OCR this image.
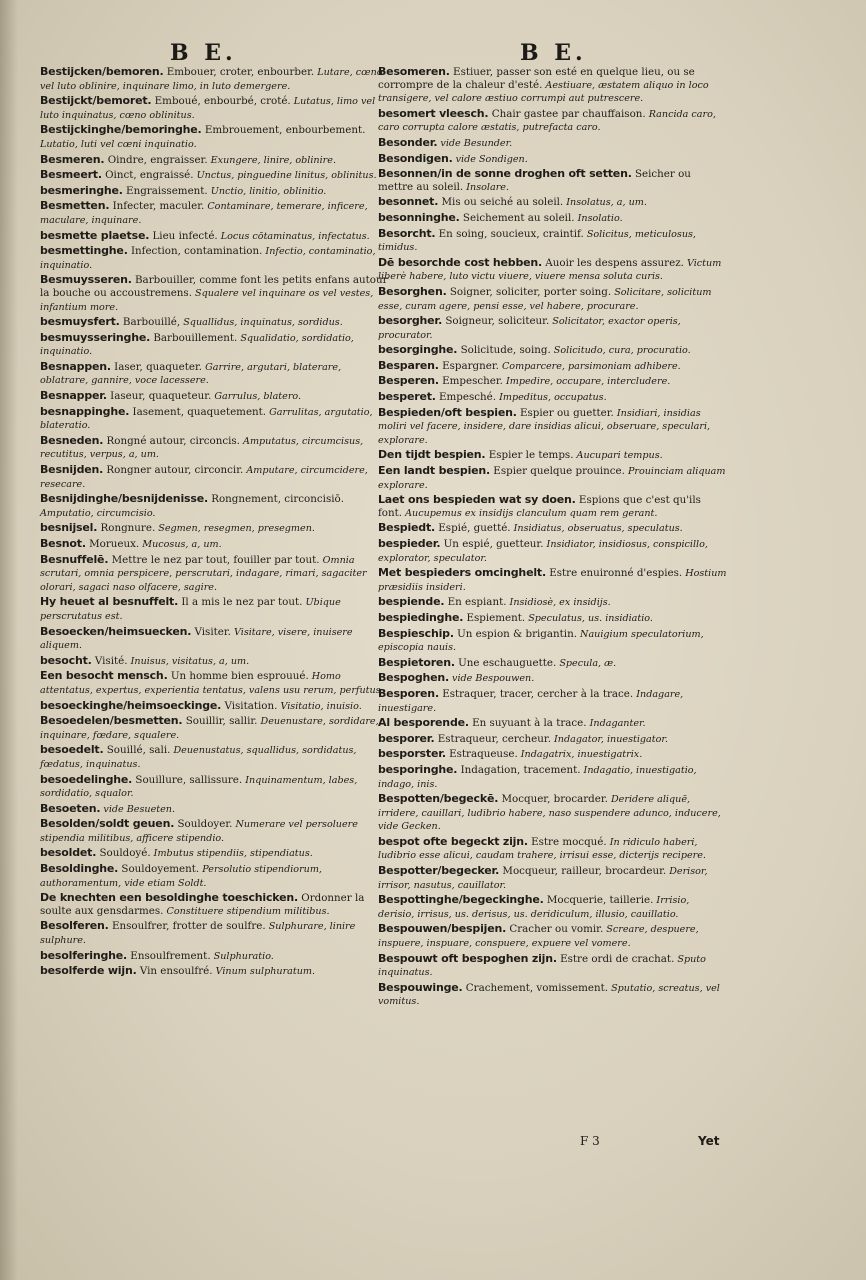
B E.	B E.
Bestijcken/bemoren. Embouer, croter, enbourber. Lutare, cœno vel luto oblinire, inquinare limo, in luto demergere.
Bestijckt/bemoret. Emboué, enbourbé, croté. Lutatus, limo vel luto inquinatus, cœno oblinitus.
Bestijckinghe/bemoringhe. Embrouement, enbourbement. Lutatio, luti vel cœni inquinatio.
Besmeren. Oindre, engraisser. Exungere, linire, oblinire.
Besmeert. Oinct, engraissé. Unctus, pinguedine linitus, oblinitus.
besmeringhe. Engraissement. Unctio, linitio, oblinitio.
Besmetten. Infecter, maculer. Contaminare, temerare, inficere, maculare, inquinare.
besmette plaetse. Lieu infecté. Locus cōtaminatus, infectatus.
besmettinghe. Infection, contamination. Infectio, contaminatio, inquinatio.
Besmuysseren. Barbouiller, comme font les petits enfans autour la bouche ou accoustremens. Squalere vel inquinare os vel vestes, infantium more.
besmuysfert. Barbouillé, Squallidus, inquinatus, sordidus.
besmuysseringhe. Barbouillement. Squalidatio, sordidatio, inquinatio.
Besnappen. Iaser, quaqueter. Garrire, argutari, blaterare, oblatrare, gannire, voce lacessere.
Besnapper. Iaseur, quaqueteur. Garrulus, blatero.
besnappinghe. Iasement, quaquetement. Garrulitas, argutatio, blateratio.
Besneden. Rongné autour, circoncis. Amputatus, circumcisus, recutitus, verpus, a, um.
Besnijden. Rongner autour, circoncir. Amputare, circumcidere, resecare.
Besnijdinghe/besnijdenisse. Rongnement, circoncisiō. Amputatio, circumcisio.
besnijsel. Rongnure. Segmen, resegmen, presegmen.
Besnot. Morueux. Mucosus, a, um.
Besnuffelē. Mettre le nez par tout, fouiller par tout. Omnia scrutari, omnia perspicere, perscrutari, indagare, rimari, sagaciter olorari, sagaci naso olfacere, sagire.
Hy heuet al besnuffelt. Il a mis le nez par tout. Ubique perscrutatus est.
Besoecken/heimsuecken. Visiter. Visitare, visere, inuisere aliquem.
besocht. Visité. Inuisus, visitatus, a, um.
Een besocht mensch. Un homme bien esprouué. Homo attentatus, expertus, experientia tentatus, valens usu rerum, perfutus.
besoeckinghe/heimsoeckinge. Visitation. Visitatio, inuisio.
Besoedelen/besmetten. Souillir, sallir. Deuenustare, sordidare, inquinare, fœdare, squalere.
besoedelt. Souillé, sali. Deuenustatus, squallidus, sordidatus, fœdatus, inquinatus.
besoedelinghe. Souillure, sallissure. Inquinamentum, labes, sordidatio, squalor.
Besoeten. vide Besueten.
Besolden/soldt geuen. Souldoyer. Numerare vel persoluere stipendia militibus, afficere stipendio.
besoldet. Souldoyé. Imbutus stipendiis, stipendiatus.
Besoldinghe. Souldoyement. Persolutio stipendiorum, authoramentum, vide etiam Soldt.
De knechten een besoldinghe toeschicken. Ordonner la soulte aux gensdarmes. Constituere stipendium militibus.
Besolferen. Ensoulfrer, frotter de soulfre. Sulphurare, linire sulphure.
besolferinghe. Ensoulfrement. Sulphuratio.
besolferde wijn. Vin ensoulfré. Vinum sulphuratum.
Besomeren. Estiuer, passer son esté en quelque lieu, ou se corrompre de la chaleur d'esté. Aestiuare, æstatem aliquo in loco transigere, vel calore æstiuo corrumpi aut putrescere.
besomert vleesch. Chair gastee par chauffaison. Rancida caro, caro corrupta calore æstatis, putrefacta caro.
Besonder. vide Besunder.
Besondigen. vide Sondigen.
Besonnen/in de sonne droghen oft setten. Seicher ou mettre au soleil. Insolare.
besonnet. Mis ou seiché au soleil. Insolatus, a, um.
besonninghe. Seichement au soleil. Insolatio.
Besorcht. En soing, soucieux, craintif. Solicitus, meticulosus, timidus.
Dē besorchde cost hebben. Auoir les despens assurez. Victum liberè habere, luto victu viuere, viuere mensa soluta curis.
Besorghen. Soigner, soliciter, porter soing. Solicitare, solicitum esse, curam agere, pensi esse, vel habere, procurare.
besorgher. Soigneur, soliciteur. Solicitator, exactor operis, procurator.
besorginghe. Solicitude, soing. Solicitudo, cura, procuratio.
Besparen. Espargner. Comparcere, parsimoniam adhibere.
Besperen. Empescher. Impedire, occupare, intercludere.
besperet. Empesché. Impeditus, occupatus.
Bespieden/oft bespien. Espier ou guetter. Insidiari, insidias moliri vel facere, insidere, dare insidias alicui, obseruare, speculari, explorare.
Den tijdt bespien. Espier le temps. Aucupari tempus.
Een landt bespien. Espier quelque prouince. Prouinciam aliquam explorare.
Laet ons bespieden wat sy doen. Espions que c'est qu'ils font. Aucupemus ex insidijs clanculum quam rem gerant.
Bespiedt. Espié, guetté. Insidiatus, obseruatus, speculatus.
bespieder. Un espié, guetteur. Insidiator, insidiosus, conspicillo, explorator, speculator.
Met bespieders omcinghelt. Estre enuironné d'espies. Hostium præsidiis insideri.
bespiende. En espiant. Insidiosè, ex insidijs.
bespiedinghe. Espiement. Speculatus, us. insidiatio.
Bespieschip. Un espion & brigantin. Nauigium speculatorium, episcopia nauis.
Bespietoren. Une eschauguette. Specula, æ.
Bespoghen. vide Bespouwen.
Besporen. Estraquer, tracer, cercher à la trace. Indagare, inuestigare.
Al besporende. En suyuant à la trace. Indaganter.
besporer. Estraqueur, cercheur. Indagator, inuestigator.
besporster. Estraqueuse. Indagatrix, inuestigatrix.
besporinghe. Indagation, tracement. Indagatio, inuestigatio, indago, inis.
Bespotten/begeckē. Mocquer, brocarder. Deridere aliquē, irridere, cauillari, ludibrio habere, naso suspendere adunco, inducere, vide Gecken.
bespot ofte begeckt zijn. Estre mocqué. In ridiculo haberi, ludibrio esse alicui, caudam trahere, irrisui esse, dicterijs recipere.
Bespotter/begecker. Mocqueur, railleur, brocardeur. Derisor, irrisor, nasutus, cauillator.
Bespottinghe/begeckinghe. Mocquerie, taillerie. Irrisio, derisio, irrisus, us. derisus, us. deridiculum, illusio, cauillatio.
Bespouwen/bespijen. Cracher ou vomir. Screare, despuere, inspuere, inspuare, conspuere, expuere vel vomere.
Bespouwt oft bespoghen zijn. Estre ordi de crachat. Sputo inquinatus.
Bespouwinge. Crachement, vomissement. Sputatio, screatus, vel vomitus.
F 3	Yet
